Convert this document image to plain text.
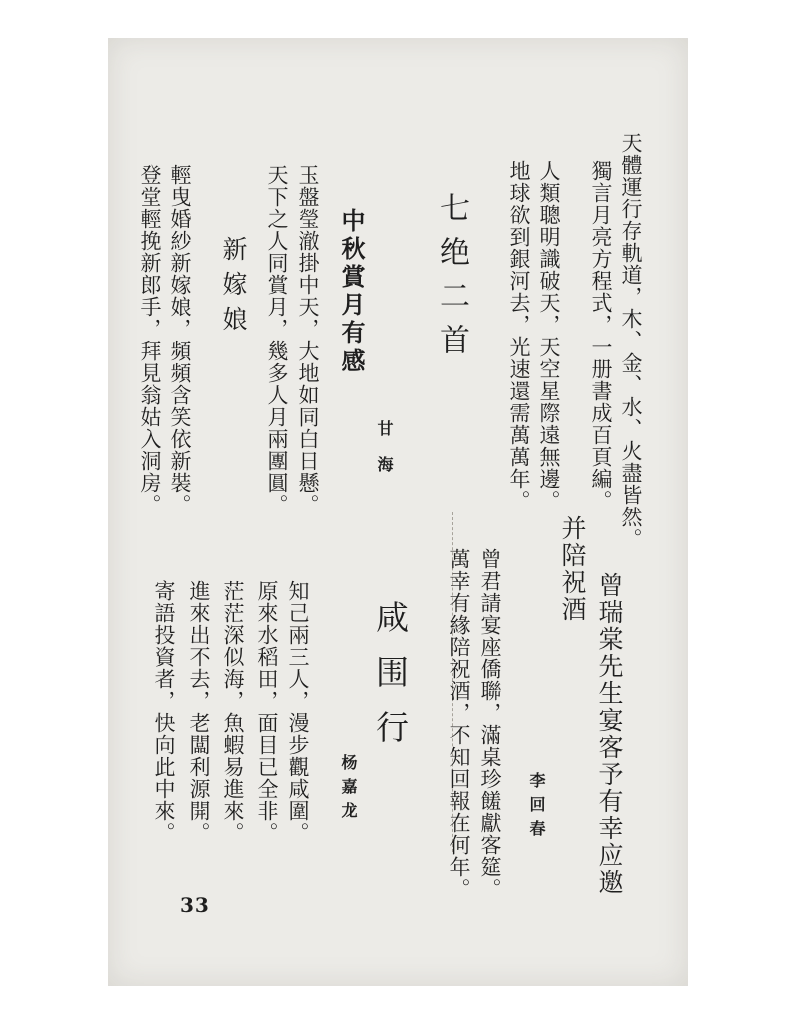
天體運行存軌道，木、金、水、火盡皆然。
獨言月亮方程式，一册書成百頁編。
人類聰明識破天，天空星際遠無邊。
地球欲到銀河去，光速還需萬萬年。
七绝二首
甘海
中秋賞月有感
玉盤瑩澈掛中天，大地如同白日懸。
天下之人同賞月，幾多人月兩團圓。
新嫁娘
輕曳婚紗新嫁娘，頻頻含笑依新裝。
登堂輕挽新郎手，拜見翁姑入洞房。
曾瑞棠先生宴客予有幸应邀
并陪祝酒
李回春
曾君請宴座僑聯，滿桌珍饈獻客筵。
萬幸有緣陪祝酒，不知回報在何年。
咸围行
杨嘉龙
知己兩三人，漫步觀咸圍。
原來水稻田，面目已全非。
茫茫深似海，魚蝦易進來。
進來出不去，老闆利源開。
寄語投資者，快向此中來。
33
